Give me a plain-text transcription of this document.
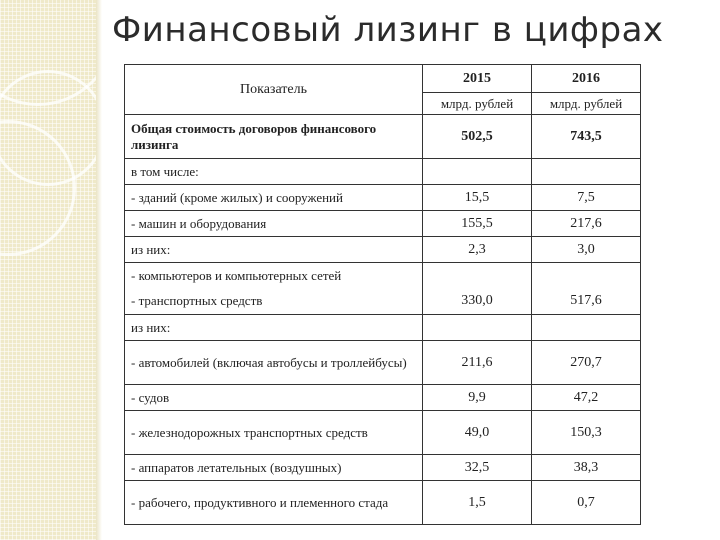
Финансовый лизинг в цифрах
Показатель	2015	2016
	млрд. рублей	млрд. рублей
Общая стоимость договоров финансового лизинга	502,5	743,5
в том числе:		
- зданий (кроме жилых) и сооружений	15,5	7,5
- машин и оборудования	155,5	217,6
из них:	2,3	3,0
- компьютеров и компьютерных сетей		
- транспортных средств	330,0	517,6
из них:		
- автомобилей (включая автобусы и троллейбусы)	211,6	270,7
- судов	9,9	47,2
- железнодорожных транспортных средств	49,0	150,3
- аппаратов летательных (воздушных)	32,5	38,3
- рабочего, продуктивного и племенного стада	1,5	0,7
